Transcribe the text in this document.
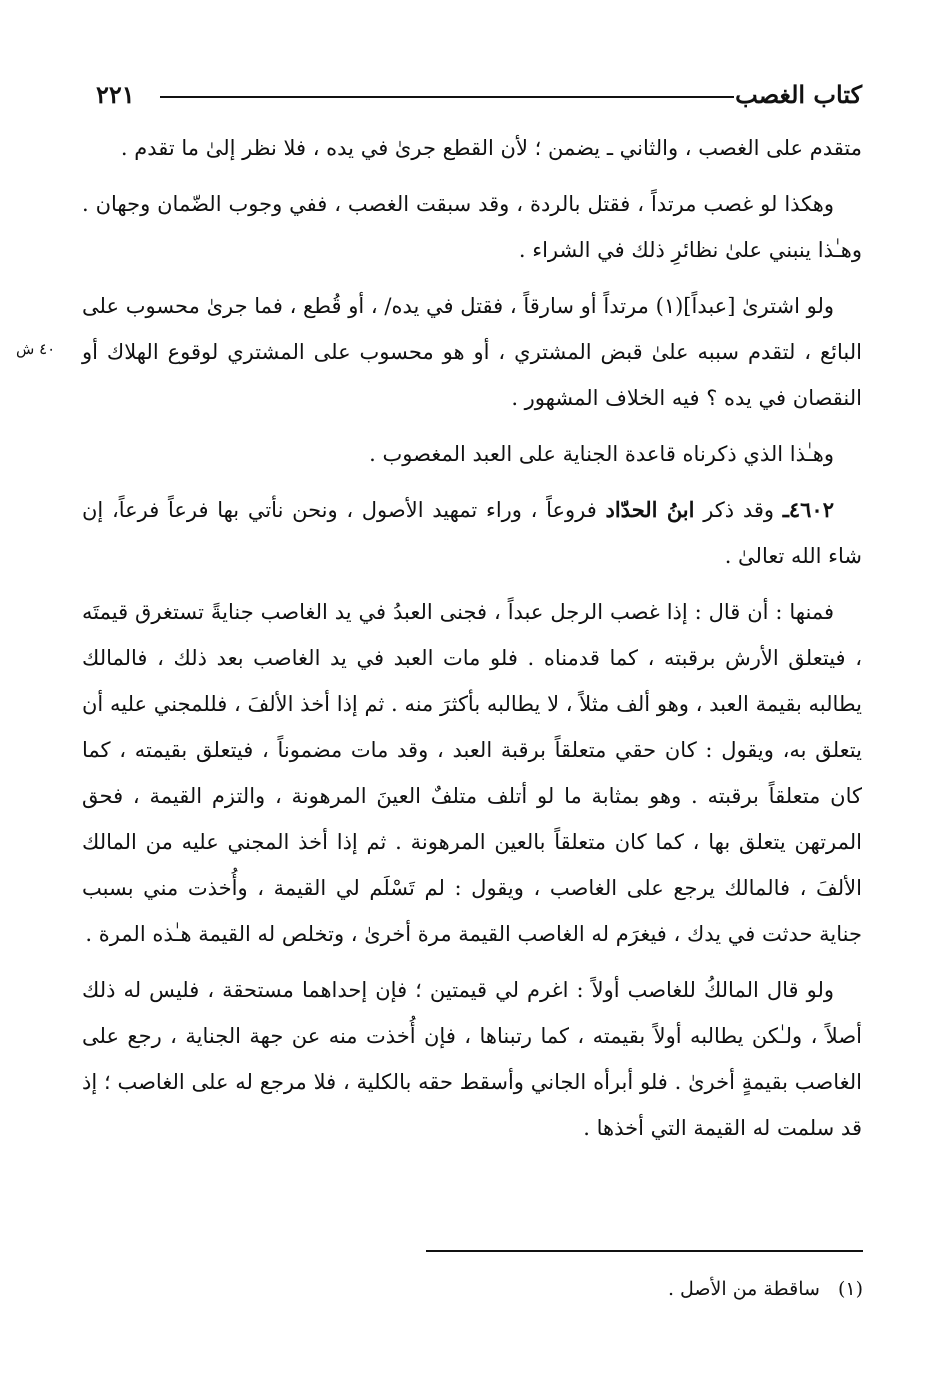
كتاب الغصب
٢٢١
٤٠ ش

متقدم على الغصب ، والثاني ـ يضمن ؛ لأن القطع جرىٰ في يده ، فلا نظر إلىٰ ما تقدم .

وهكذا لو غصب مرتداً ، فقتل بالردة ، وقد سبقت الغصب ، ففي وجوب الضّمان وجهان . وهـٰذا ينبني علىٰ نظائرِ ذلك في الشراء .

ولو اشترىٰ [عبداً](١) مرتداً أو سارقاً ، فقتل في يده/ ، أو قُطع ، فما جرىٰ محسوب على البائع ، لتقدم سببه علىٰ قبض المشتري ، أو هو محسوب على المشتري لوقوع الهلاك أو النقصان في يده ؟ فيه الخلاف المشهور .

وهـٰذا الذي ذكرناه قاعدة الجناية على العبد المغصوب .

٤٦٠٢ـ وقد ذكر ابنُ الحدّاد فروعاً ، وراء تمهيد الأصول ، ونحن نأتي بها فرعاً فرعاً، إن شاء الله تعالىٰ .

فمنها : أن قال : إذا غصب الرجل عبداً ، فجنى العبدُ في يد الغاصب جنايةً تستغرق قيمتَه ، فيتعلق الأرش برقبته ، كما قدمناه . فلو مات العبد في يد الغاصب بعد ذلك ، فالمالك يطالبه بقيمة العبد ، وهو ألف مثلاً ، لا يطالبه بأكثرَ منه . ثم إذا أخذ الألفَ ، فللمجني عليه أن يتعلق به، ويقول : كان حقي متعلقاً برقبة العبد ، وقد مات مضموناً ، فيتعلق بقيمته ، كما كان متعلقاً برقبته . وهو بمثابة ما لو أتلف متلفٌ العينَ المرهونة ، والتزم القيمة ، فحق المرتهن يتعلق بها ، كما كان متعلقاً بالعين المرهونة . ثم إذا أخذ المجني عليه من المالك الألفَ ، فالمالك يرجع على الغاصب ، ويقول : لم تَسْلَم لي القيمة ، وأُخذت مني بسبب جناية حدثت في يدك ، فيغرَم له الغاصب القيمة مرة أخرىٰ ، وتخلص له القيمة هـٰذه المرة .

ولو قال المالكُ للغاصب أولاً : اغرم لي قيمتين ؛ فإن إحداهما مستحقة ، فليس له ذلك أصلاً ، ولـٰكن يطالبه أولاً بقيمته ، كما رتبناها ، فإن أُخذت منه عن جهة الجناية ، رجع على الغاصب بقيمةٍ أخرىٰ . فلو أبرأه الجاني وأسقط حقه بالكلية ، فلا مرجع له على الغاصب ؛ إذ قد سلمت له القيمة التي أخذها .

(١)ساقطة من الأصل .
